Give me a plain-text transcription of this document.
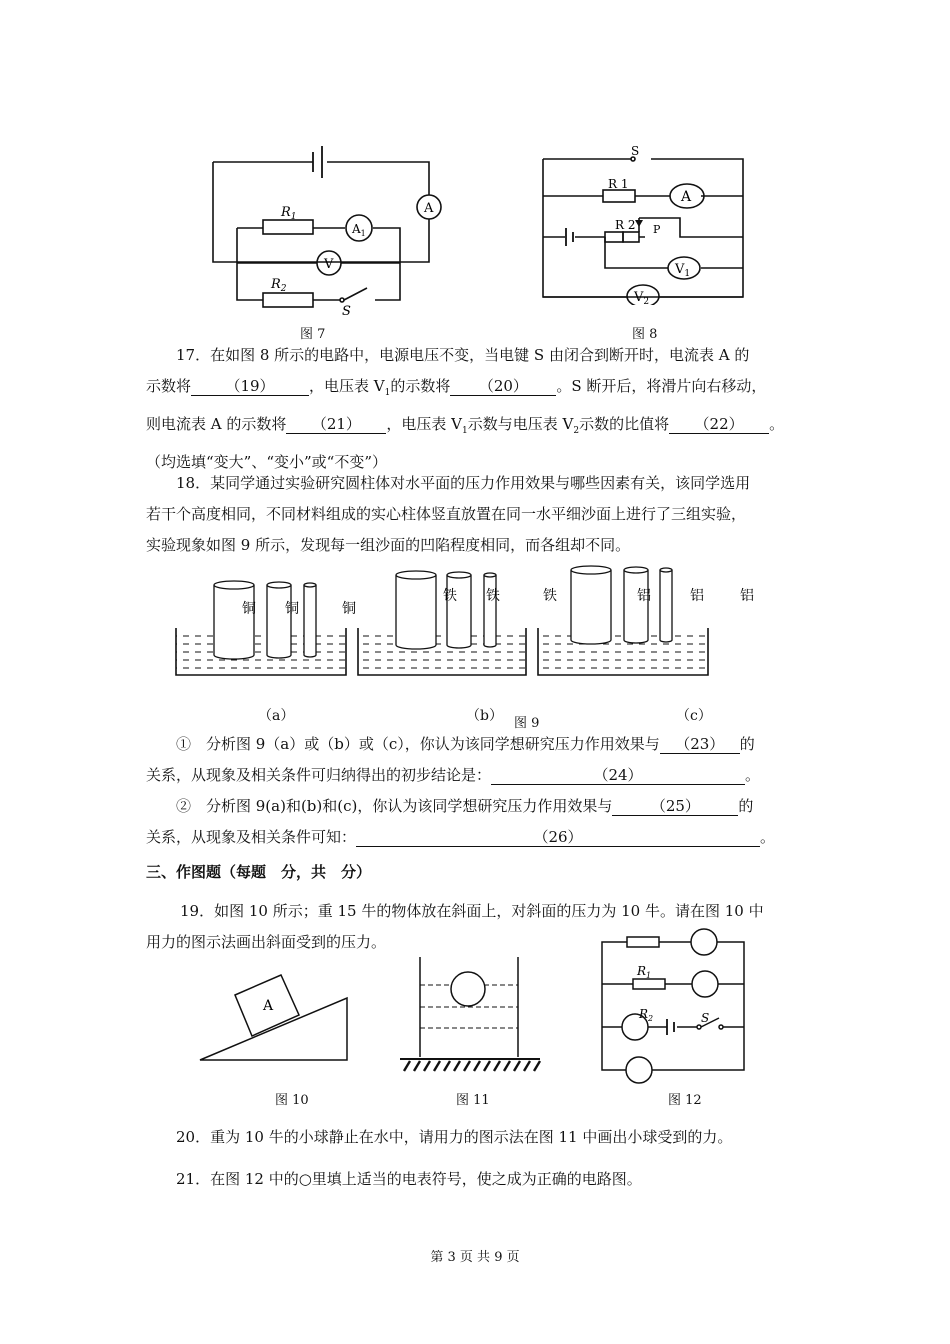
$R_1$
$A_1$
A
V
$R_2$
S
图 7
S
R 1
A
R 2 P
$V_1$
$V_2$
图 8
17．在如图 8 所示的电路中，电源电压不变，当电键 S 由闭合到断开时，电流表 A 的
示数将 （19） ，电压表 $V_1$的示数将 （20） 。S 断开后，将滑片向右移动，
则电流表 A 的示数将 （21） ，电压表 $V_1$示数与电压表 $V_2$示数的比值将 （22） 。
（均选填“变大”、“变小”或“不变”）
18．某同学通过实验研究圆柱体对水平面的压力作用效果与哪些因素有关，该同学选用
若干个高度相同，不同材料组成的实心柱体竖直放置在同一水平细沙面上进行了三组实验，
实验现象如图 9 所示，发现每一组沙面的凹陷程度相同，而各组却不同。
铜 铜	铜
铁 铁	铁	铝	铝	铝
（a）	（b） 图 9	（c）
①　分析图 9（a）或（b）或（c），你认为该同学想研究压力作用效果与 （23） 的
关系，从现象及相关条件可归纳得出的初步结论是：	（24）	。
②　分析图 9(a)和(b)和(c)，你认为该同学想研究压力作用效果与	（25）	的
关系，从现象及相关条件可知：	（26）	。
三、作图题（每题　分，共　分）
19．如图 10 所示；重 15 牛的物体放在斜面上，对斜面的压力为 10 牛。请在图 10 中
用力的图示法画出斜面受到的压力。
A
图 10	图 11
$R_1$
$R_2$	S
图 12
20．重为 10 牛的小球静止在水中，请用力的图示法在图 11 中画出小球受到的力。
21．在图 12 中的○里填上适当的电表符号，使之成为正确的电路图。
第 3 页 共 9 页
